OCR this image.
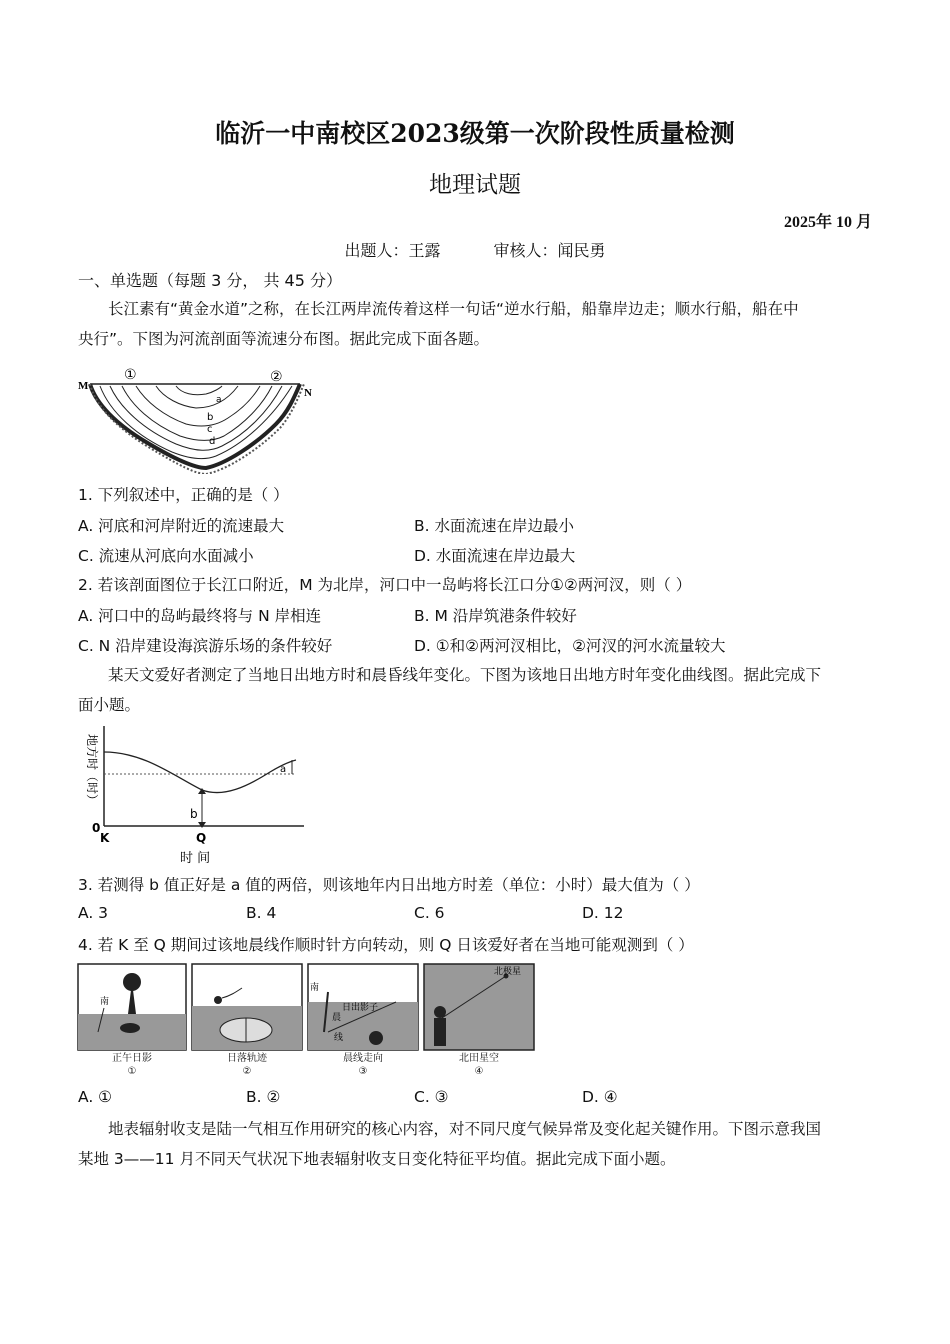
临沂一中南校区2023级第一次阶段性质量检测
地理试题
2025年 10 月
出题人：王露	审核人：闻民勇
一、单选题（每题 3 分， 共 45 分）
长江素有“黄金水道”之称，在长江两岸流传着这样一句话“逆水行船，船靠岸边走；顺水行船，船在中
央行”。下图为河流剖面等流速分布图。据此完成下面各题。
M
N
①	②
a
b
c
d
1. 下列叙述中，正确的是（ ）
A. 河底和河岸附近的流速最大	B. 水面流速在岸边最小
C. 流速从河底向水面减小	D. 水面流速在岸边最大
2. 若该剖面图位于长江口附近，M 为北岸，河口中一岛屿将长江口分①②两河汊，则（ ）
A. 河口中的岛屿最终将与 N 岸相连	B. M 沿岸筑港条件较好
C. N 沿岸建设海滨游乐场的条件较好	D. ①和②两河汊相比，②河汊的河水流量较大
某天文爱好者测定了当地日出地方时和晨昏线年变化。下图为该地日出地方时年变化曲线图。据此完成下
面小题。
a
b
0
K	Q
时 间
地方时（时）
3. 若测得 b 值正好是 a 值的两倍，则该地年内日出地方时差（单位：小时）最大值为（ ）
A. 3	B. 4	C. 6	D. 12
4. 若 K 至 Q 期间过该地晨线作顺时针方向转动，则 Q 日该爱好者在当地可能观测到（ ）
南
南
日出影子
晨
线
北极星
正午日影
①
日落轨迹
②
晨线走向
③
北田星空
④
A. ①	B. ②	C. ③	D. ④
地表辐射收支是陆一气相互作用研究的核心内容，对不同尺度气候异常及变化起关键作用。下图示意我国
某地 3——11 月不同天气状况下地表辐射收支日变化特征平均值。据此完成下面小题。
